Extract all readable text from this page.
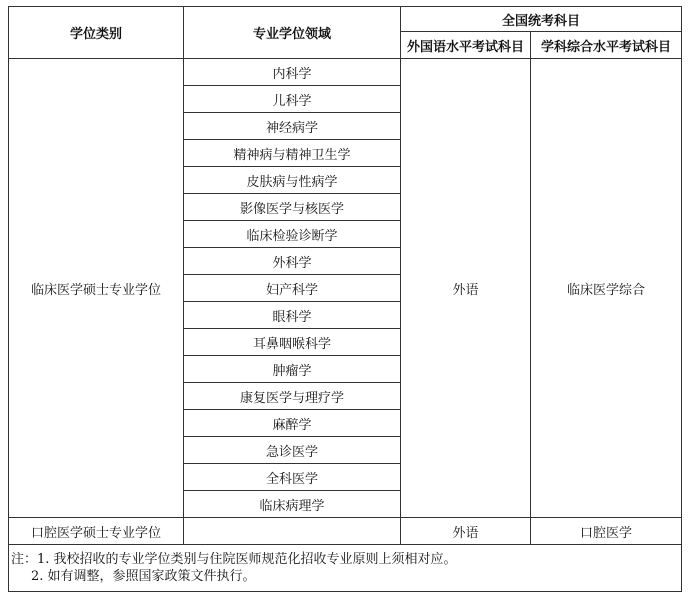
学位类别	专业学位领域	全国统考科目	
		外国语水平考试科目	学科综合水平考试科目
临床医学硕士专业学位	内科学	外语	临床医学综合
	儿科学		
	神经病学		
	精神病与精神卫生学		
	皮肤病与性病学		
	影像医学与核医学		
	临床检验诊断学		
	外科学		
	妇产科学		
	眼科学		
	耳鼻咽喉科学		
	肿瘤学		
	康复医学与理疗学		
	麻醉学		
	急诊医学		
	全科医学		
	临床病理学		
口腔医学硕士专业学位		外语	口腔医学

注：1. 我校招收的专业学位类别与住院医师规范化招收专业原则上须相对应。
2. 如有调整，参照国家政策文件执行。			
